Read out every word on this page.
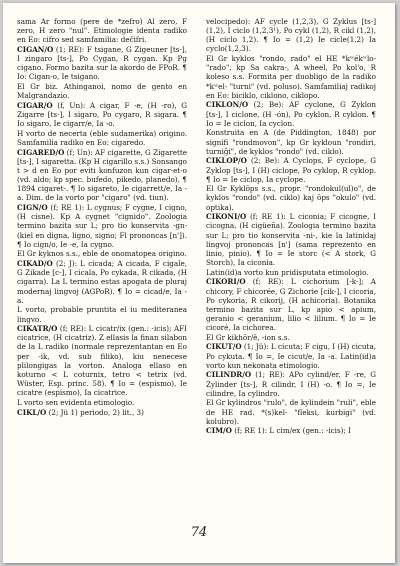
sama Ar formo (pere de *zefro) Al zero, F zero, H zero "nul". Etimologie identa radiko en Eo: cifro sed samfamilia: deĉifri.

CIGAN/O (1; RE): F tsigane, G Zigeuner [ts-], I zingaro [ts-], Po Cygan, R cygan. Kp Pg cigano. Formo bazita sur la akordo de FPoR. ¶ Io: Cigan-o, Ie tsigano.

El Gr biz. Athinganoi, nomo de gento en Malgrandazio.

CIGAR/O (f, Un): A cigar, F -e, (H -ro), G Zigarre [ts-], I sigaro, Po cygaro, R sigara. ¶ Io sigaro, Ie cigarr/e, Ia -o.

H vorto de necerta (eble sudamerika) origino. Samfamilia radiko en Eo: cigaredo.

CIGARED/O (f; Un): AF cigarette, G Zigarette [ts-], I sigaretta. (Kp H cigarillo s.s.) Sonsango t > d en Eo por eviti konfuzon kun cigar-et-o (vd. aldo; kp spec. bufedo, pikedo, planedo). ¶ 1894 cigaret-. ¶ Io sigareto, Ie cigarrett/e, Ia -a. Dim. de la vorto por "cigaro" (vd. tiun).

CIGN/O (f; RE 1): L cygnus; F cygne, I cigno, (H cisne). Kp A cygnet "cignido". Zoologia termino bazita sur L; pro tio konservita -gn- (kiel en digna, ligno, signo; Fl prononcas [n']). ¶ Io cign/o, Ie -e, Ia cygno.

El Gr kyknos s.s., eble de onomatopea origino.

CIKAD/O (2; J): L cicada; A cicada, F cigale, G Zikade [c-], I cicala, Po cykada, R cikada, (H cigarra). La L termino estas apogata de pluraj modernaj lingvoj (AGPoR). ¶ Io = cicad/e, Ia -a.

L vorto, probable pruntita el iu mediteranea lingvo.

CIKATR/O (f; RE): L cicatr/ix (gen.: -icis); AFI cicatrice, (H cicatriz). Z ellasis la finan silabon de la L radiko (normale reprezentantan en Eo per -ik, vd. sub filiko), kiu nenecese plilongigas la vorton. Analoga ellaso en koturno < L coturnix, tetro < tetrix (vd. Wüster, Esp. princ. 58). ¶ Io = (espismo), Ie cicatre (espismo), Ia cicatrice.

L vorto sen evidenta etimologio.

CIKL/O (2; Jü 1) periodo, 2) lit., 3)

velocipedo): AF cycle (1,2,3), G Zyklus [ts-] (1,2), I ciclo (1,2,3¹), Po cykl (1,2), R cikl (1,2), (H ciclo 1,2). ¶ Io = (1,2) Ie cicle(1,2) Ia cyclo(1,2,3).

El Gr kyklos "rondo, rado" el HE *kʷékʷlo- "rado", kp Sa cakra-, A wheel, Po kol'o, R koleso s.s. Formita per duobligo de la radiko *kʷel- "turni" (vd. poluso). Samfamiliaj radikoj en Eo: biciklo, ciklono, ciklopo.

CIKLON/O (2; Be): AF cyclone, G Zyklon [ts-], I ciclone, (H -ón), Po cyklon, R cyklon. ¶ Io = Ie ciclon, Ia cyclon.

Konstruita en A (de Piddington, 1848) por signifi "rondmovon", kp Gr kykloun "rondiri, turniĝi", de kyklos "rondo" (vd. ciklo).

CIKLOP/O (2; Be): A Cyclops, F cyclope, G Zyklop [ts-], I (H) ciclope, Po cyklop, R cyklop. ¶ Io = Ie ciclop, Ia cyclope.

El Gr Kyklōps s.s., propr. "rondokul(ul)o", de kyklos "rondo" (vd. ciklo) kaj ōps "okulo" (vd. optika).

CIKONI/O (f; RE 1): L ciconia; F cicogne, I cicogna, (H cigüeña). Zoologia termino bazita sur L; pro tio konservita -ni-, kie la latinidaj lingvoj prononcas [n'] (sama reprezento en linio, pinio). ¶ Io = Ie storc (< A stork, G Storch), Ia ciconia.

Latin(id)a vorto kun pridisputata etimologio.

CIKORI/O (f; RE): L cichorium [-k-]; A chicory, F chicorée, G Zichorie [cik-], I cicoria, Po cykoria, R cikorij, (H achicoria). Botanika termino bazita sur L, kp apio < apium, geranio < geranium, lilio < lilium. ¶ Io = Ie cicoré, Ia cichorea.

El Gr kikhōr/ě, -ion s.s.

CIKUT/O (1; Jü): L cicuta; F cigu, I (H) cicuta, Po cykuta. ¶ Io =, Ie cicut/e, Ia -a. Latin(id)a vorto kun nekonata etimologio.

CILINDR/O (1; RE): APo cylind/er, F -re, G Zylinder [ts-], R cilindr, I (H) -o. ¶ Io =, Ie cilindre, Ia cylindro.

El Gr kylindros "rulo", de kylindein "ruli", eble de HE rad. *(s)kel- "fleksi, kurbigi" (vd. kolubro).

CIM/O (f; RE 1): L cim/ex (gen.: -icis); I

74
